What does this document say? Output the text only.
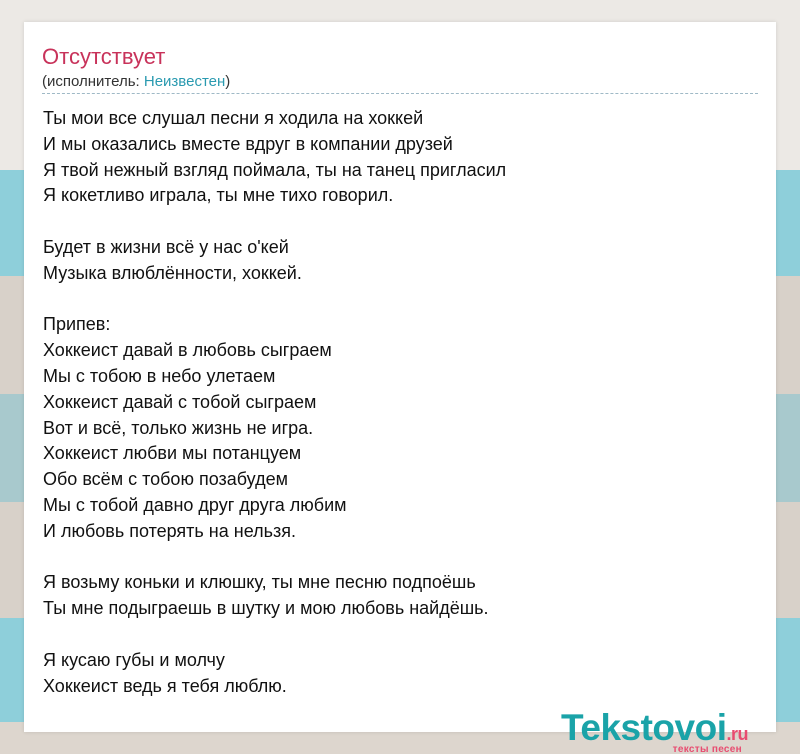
Отсутствует
(исполнитель: Неизвестен)
Ты мои все слушал песни я ходила на хоккей
И мы оказались вместе вдруг в компании друзей
Я твой нежный взгляд поймала, ты на танец пригласил
Я кокетливо играла, ты мне тихо говорил.
Будет в жизни всё у нас о'кей
Музыка влюблённости, хоккей.
Припев:
Хоккеист давай в любовь сыграем
Мы с тобою в небо улетаем
Хоккеист давай с тобой сыграем
Вот и всё, только жизнь не игра.
Хоккеист любви мы потанцуем
Обо всём с тобою позабудем
Мы с тобой давно друг друга любим
И любовь потерять на нельзя.
Я возьму коньки и клюшку, ты мне песню подпоёшь
Ты мне подыграешь в шутку и мою любовь найдёшь.
Я кусаю губы и молчу
Хоккеист ведь я тебя люблю.
Tekstovoi.ru
тексты песен
